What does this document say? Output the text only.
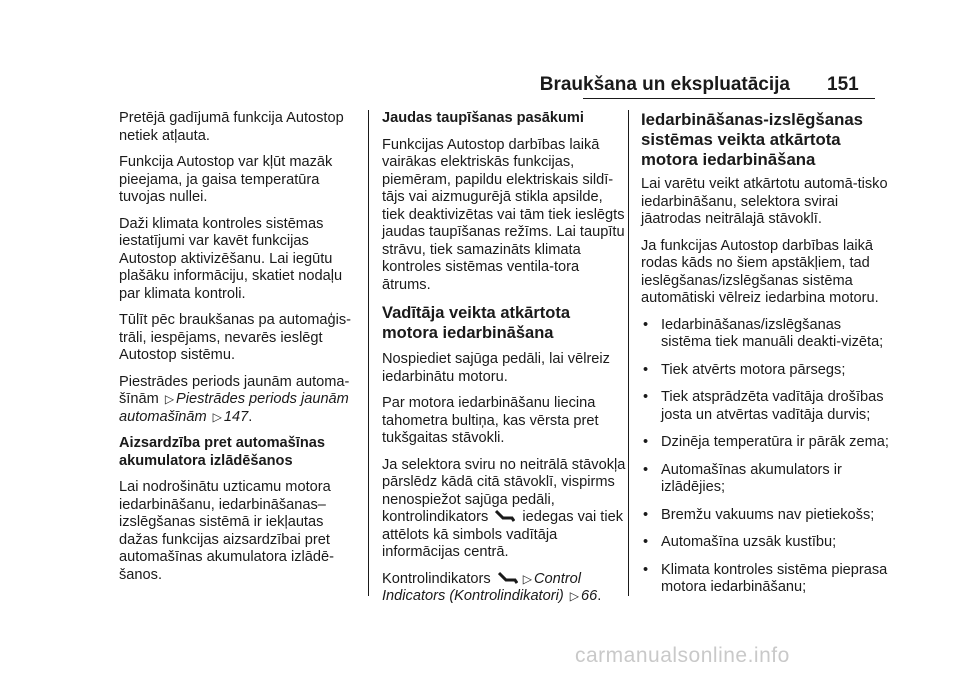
Braukšana un ekspluatācija 151

Pretējā gadījumā funkcija Autostop netiek atļauta.

Funkcija Autostop var kļūt mazāk pieejama, ja gaisa temperatūra tuvojas nullei.

Daži klimata kontroles sistēmas iestatījumi var kavēt funkcijas Autostop aktivizēšanu. Lai iegūtu plašāku informāciju, skatiet nodaļu par klimata kontroli.

Tūlīt pēc braukšanas pa automaģis-trāli, iespējams, nevarēs ieslēgt Autostop sistēmu.

Piestrādes periods jaunām automa-šīnām ▷ Piestrādes periods jaunām automašīnām ▷ 147.

Aizsardzība pret automašīnas akumulatora izlādēšanos

Lai nodrošinātu uzticamu motora iedarbināšanu, iedarbināšanas– izslēgšanas sistēmā ir iekļautas dažas funkcijas aizsardzībai pret automašīnas akumulatora izlādē-šanos.

Jaudas taupīšanas pasākumi

Funkcijas Autostop darbības laikā vairākas elektriskās funkcijas, piemēram, papildu elektriskais sildī-tājs vai aizmugurējā stikla apsilde, tiek deaktivizētas vai tām tiek ieslēgts jaudas taupīšanas režīms. Lai taupītu strāvu, tiek samazināts klimata kontroles sistēmas ventila-tora ātrums.

Vadītāja veikta atkārtota motora iedarbināšana

Nospiediet sajūga pedāli, lai vēlreiz iedarbinātu motoru.

Par motora iedarbināšanu liecina tahometra bultiņa, kas vērsta pret tukšgaitas stāvokli.

Ja selektora sviru no neitrālā stāvokļa pārslēdz kādā citā stāvoklī, vispirms nenospiežot sajūga pedāli, kontrolindikators iedegas vai tiek attēlots kā simbols vadītāja informācijas centrā.

Kontrolindikators	▷ Control Indicators (Kontrolindikatori) ▷ 66.

Iedarbināšanas-izslēgšanas sistēmas veikta atkārtota motora iedarbināšana

Lai varētu veikt atkārtotu automā-tisko iedarbināšanu, selektora svirai jāatrodas neitrālajā stāvoklī.

Ja funkcijas Autostop darbības laikā rodas kāds no šiem apstākļiem, tad ieslēgšanas/izslēgšanas sistēma automātiski vēlreiz iedarbina motoru.

• Iedarbināšanas/izslēgšanas sistēma tiek manuāli deakti-vizēta;
• Tiek atvērts motora pārsegs;
• Tiek atsprādzēta vadītāja drošības josta un atvērtas vadītāja durvis;
• Dzinēja temperatūra ir pārāk zema;
• Automašīnas akumulators ir izlādējies;
• Bremžu vakuums nav pietiekošs;
• Automašīna uzsāk kustību;
• Klimata kontroles sistēma pieprasa motora iedarbināšanu;
carmanualsonline.info
